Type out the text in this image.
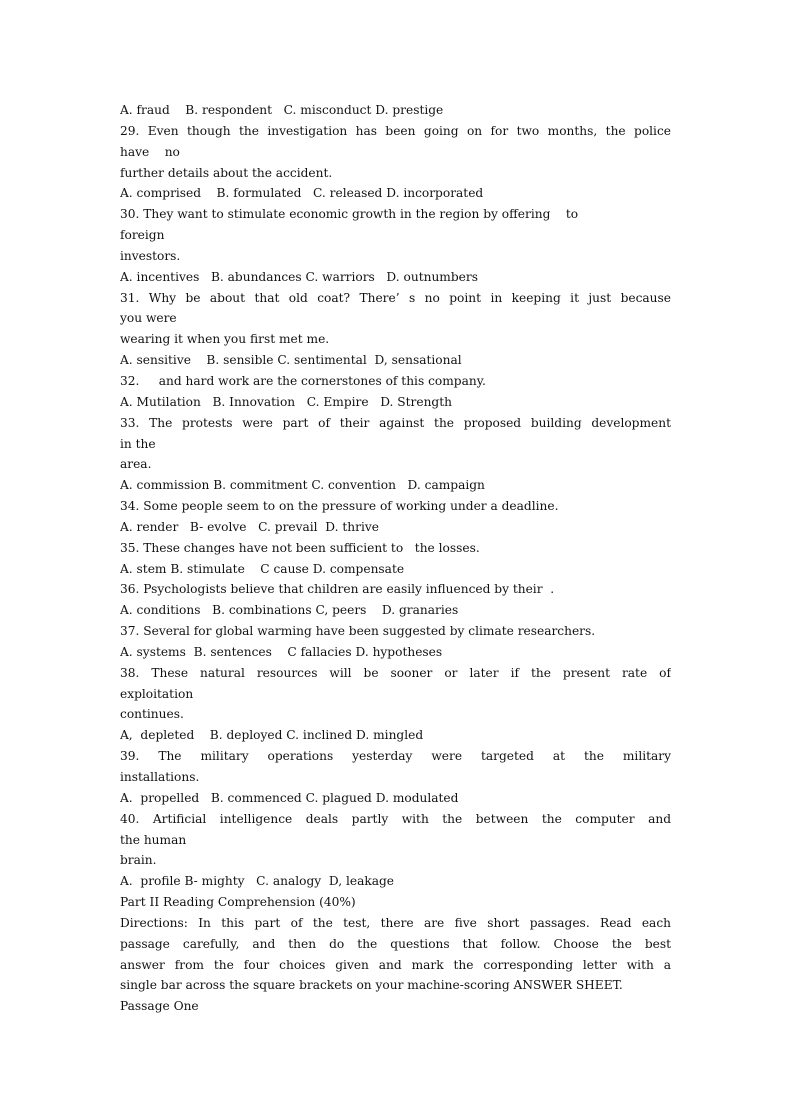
A. fraud    B. respondent   C. misconduct D. prestige
29. Even though the investigation has been going on for two months, the police
have    no
further details about the accident.
A. comprised    B. formulated   C. released D. incorporated
30. They want to stimulate economic growth in the region by offering    to
foreign
investors.
A. incentives   B. abundances C. warriors   D. outnumbers
31. Why be about that old coat? There’ s no point in keeping it just because
you were
wearing it when you first met me.
A. sensitive    B. sensible C. sentimental  D, sensational
32.     and hard work are the cornerstones of this company.
A. Mutilation   B. Innovation   C. Empire   D. Strength
33. The protests were part of their against the proposed building development
in the
area.
A. commission B. commitment C. convention   D. campaign
34. Some people seem to on the pressure of working under a deadline.
A. render   B- evolve   C. prevail  D. thrive
35. These changes have not been sufficient to   the losses.
A. stem B. stimulate    C cause D. compensate
36. Psychologists believe that children are easily influenced by their  .
A. conditions   B. combinations C, peers    D. granaries
37. Several for global warming have been suggested by climate researchers.
A. systems  B. sentences    C fallacies D. hypotheses
38. These natural resources will be sooner or later if the present rate of
exploitation
continues.
A,  depleted    B. deployed C. inclined D. mingled
39. The military operations yesterday were targeted at the military
installations.
A.  propelled   B. commenced C. plagued D. modulated
40. Artificial intelligence deals partly with the between the computer and
the human
brain.
A.  profile B- mighty   C. analogy  D, leakage
Part II Reading Comprehension (40%)
Directions: In this part of the test, there are five short passages. Read each
passage carefully, and then do the questions that follow. Choose the best
answer from the four choices given and mark the corresponding letter with a
single bar across the square brackets on your machine-scoring ANSWER SHEET.
Passage One
